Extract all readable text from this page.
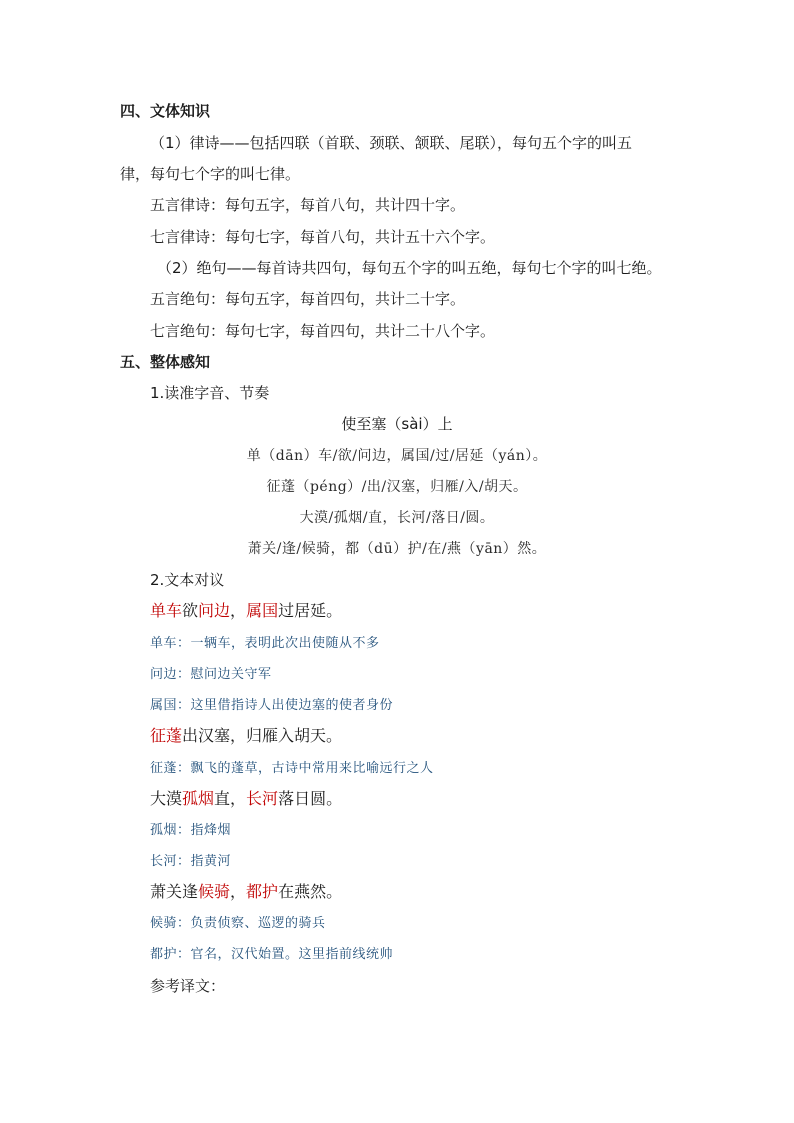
四、文体知识
（1）律诗——包括四联（首联、颈联、颔联、尾联），每句五个字的叫五
律，每句七个字的叫七律。
五言律诗：每句五字，每首八句，共计四十字。
七言律诗：每句七字，每首八句，共计五十六个字。
（2）绝句——每首诗共四句，每句五个字的叫五绝，每句七个字的叫七绝。
五言绝句：每句五字，每首四句，共计二十字。
七言绝句：每句七字，每首四句，共计二十八个字。
五、整体感知
1.读准字音、节奏
使至塞（sài）上
单（dān）车/欲/问边，属国/过/居延（yán）。
征蓬（péng）/出/汉塞，归雁/入/胡天。
大漠/孤烟/直，长河/落日/圆。
萧关/逢/候骑，都（dū）护/在/燕（yān）然。
2.文本对议
单车欲问边，属国过居延。
单车：一辆车，表明此次出使随从不多
问边：慰问边关守军
属国：这里借指诗人出使边塞的使者身份
征蓬出汉塞，归雁入胡天。
征蓬：飘飞的蓬草，古诗中常用来比喻远行之人
大漠孤烟直，长河落日圆。
孤烟：指烽烟
长河：指黄河
萧关逢候骑，都护在燕然。
候骑：负责侦察、巡逻的骑兵
都护：官名，汉代始置。这里指前线统帅
参考译文：
